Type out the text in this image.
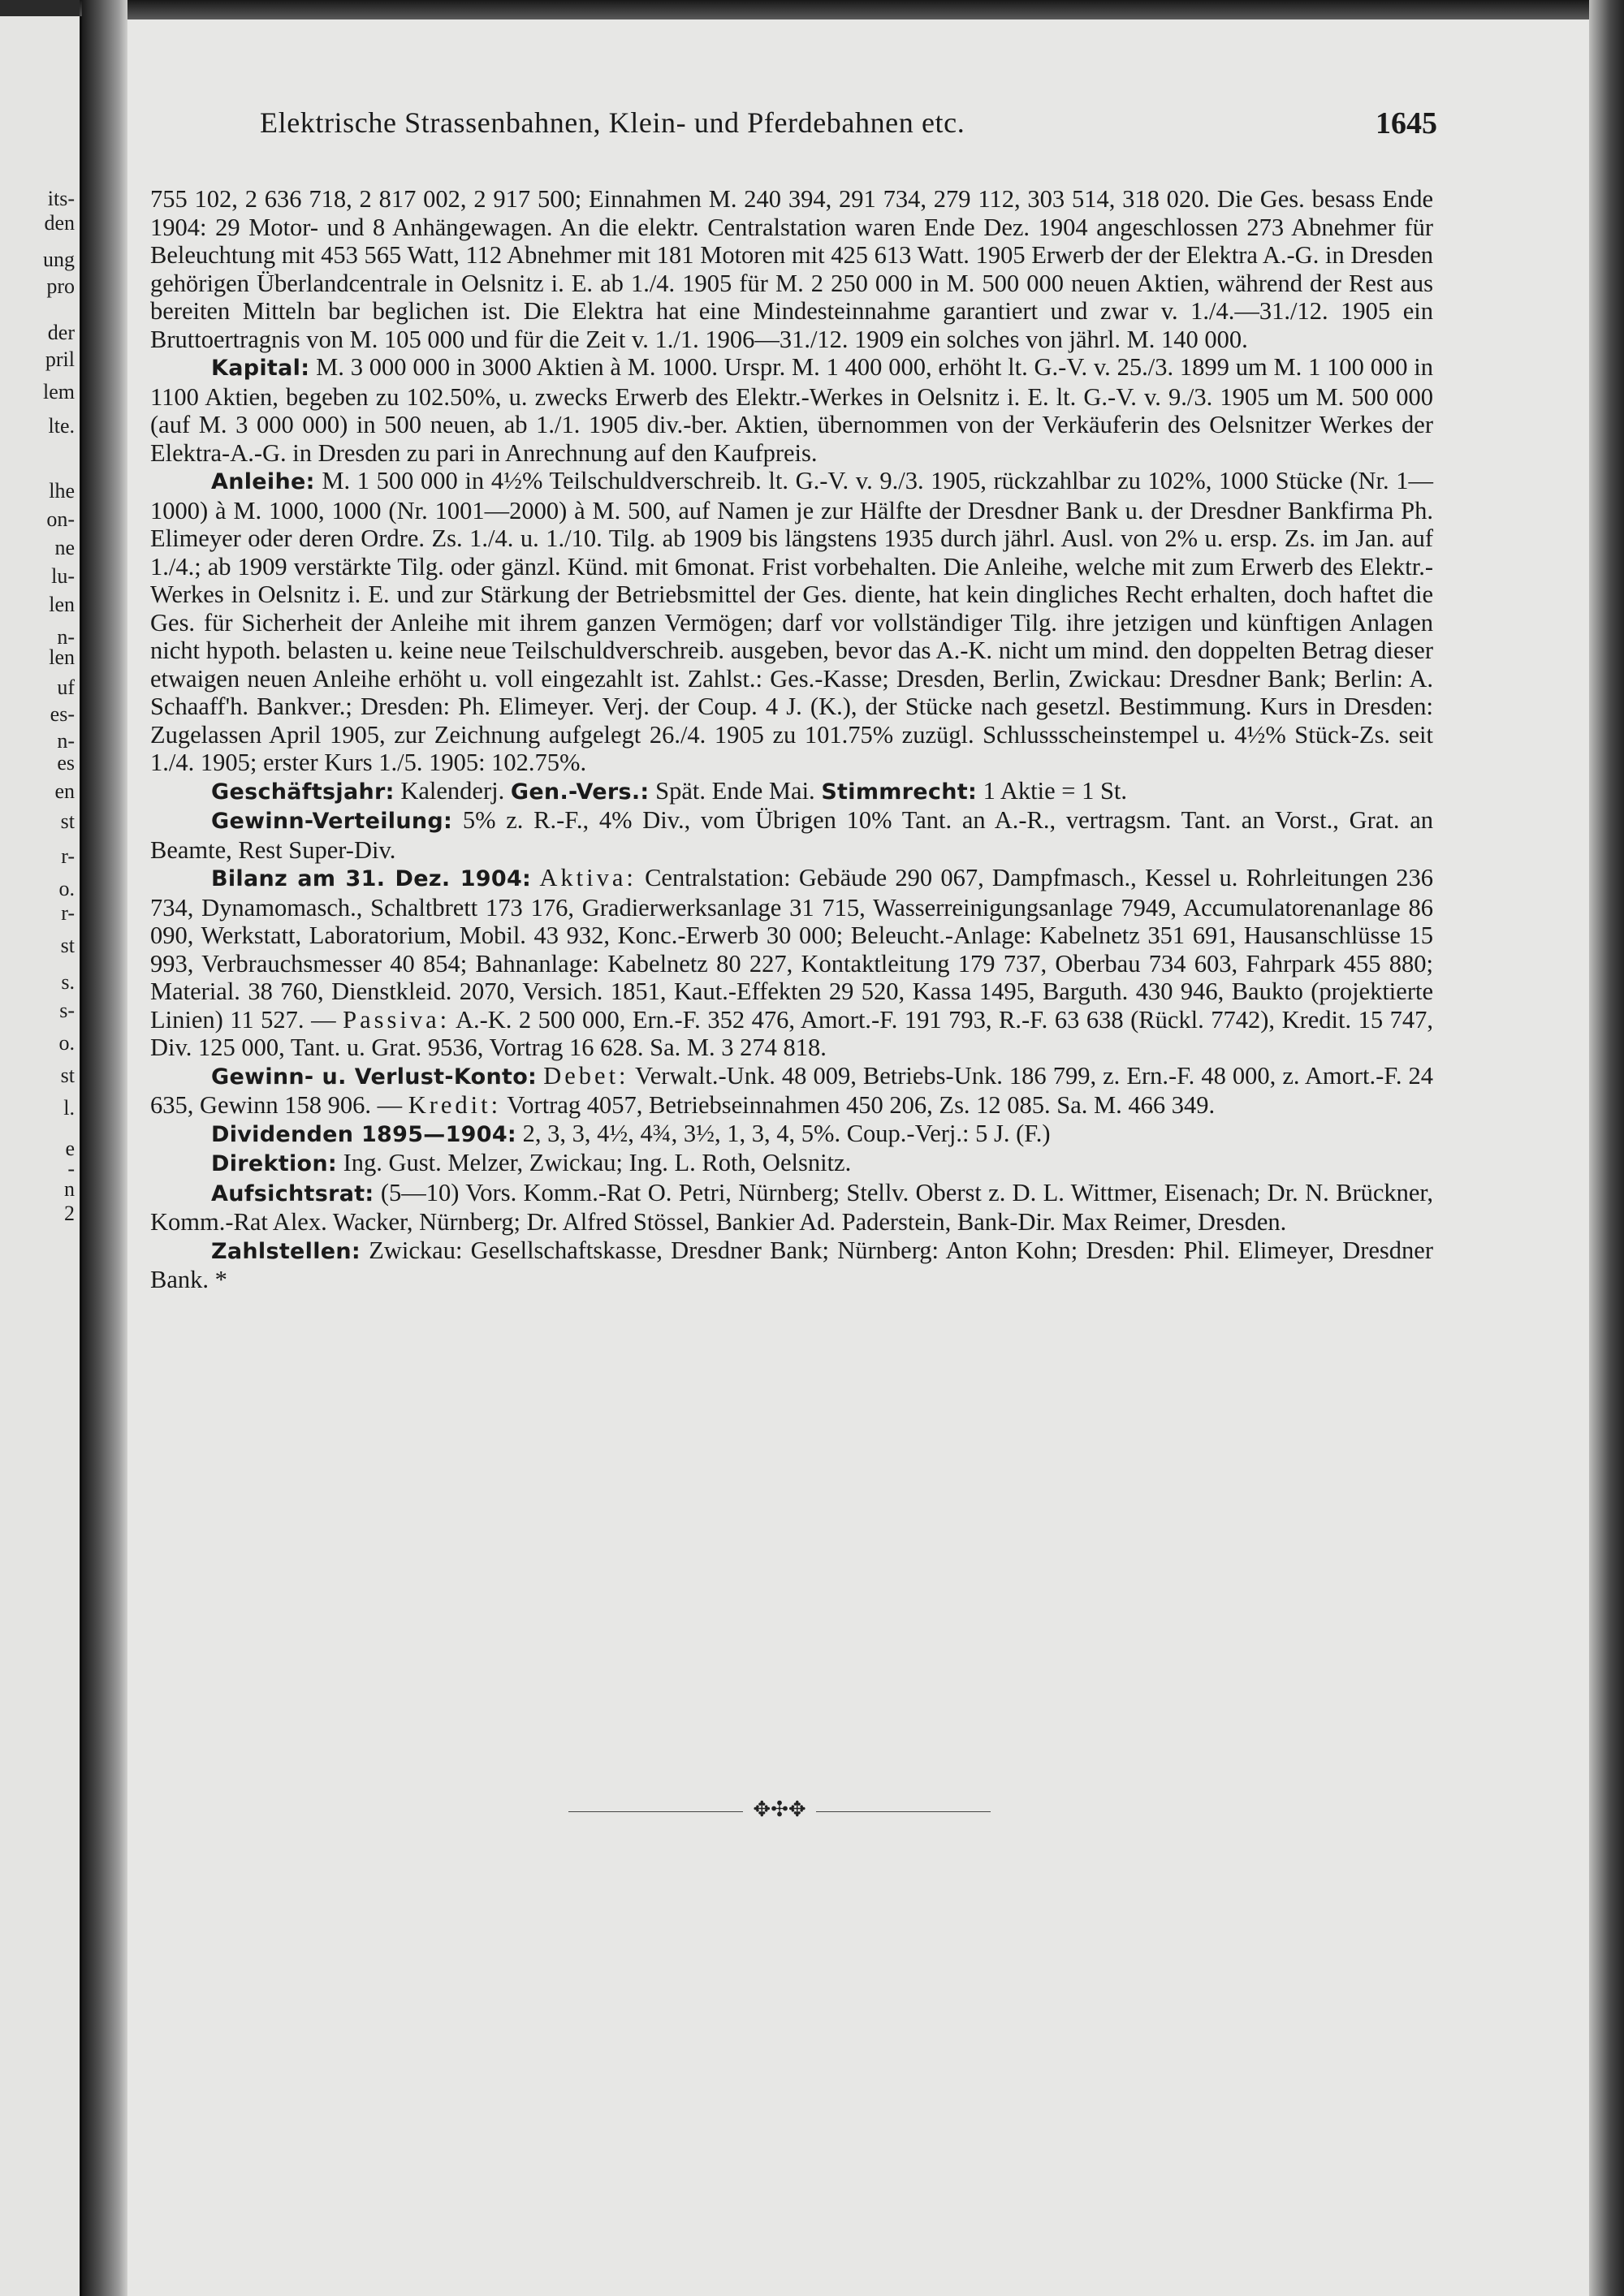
its-
den
ung
pro
der
pril
lem
lte.
lhe
on-
ne
lu-
len
n-
len
uf
es-
n-
es
en
st
r-
o.
r-
st
s.
s-
o.
st
l.
e
-
n
2
Elektrische Strassenbahnen, Klein- und Pferdebahnen etc.	1645

755 102, 2 636 718, 2 817 002, 2 917 500; Einnahmen M. 240 394, 291 734, 279 112, 303 514, 318 020. Die Ges. besass Ende 1904: 29 Motor- und 8 Anhängewagen. An die elektr. Centralstation waren Ende Dez. 1904 angeschlossen 273 Abnehmer für Beleuchtung mit 453 565 Watt, 112 Abnehmer mit 181 Motoren mit 425 613 Watt. 1905 Erwerb der der Elektra A.-G. in Dresden gehörigen Überlandcentrale in Oelsnitz i. E. ab 1./4. 1905 für M. 2 250 000 in M. 500 000 neuen Aktien, während der Rest aus bereiten Mitteln bar beglichen ist. Die Elektra hat eine Mindesteinnahme garantiert und zwar v. 1./4.—31./12. 1905 ein Bruttoertragnis von M. 105 000 und für die Zeit v. 1./1. 1906—31./12. 1909 ein solches von jährl. M. 140 000.

Kapital: M. 3 000 000 in 3000 Aktien à M. 1000. Urspr. M. 1 400 000, erhöht lt. G.-V. v. 25./3. 1899 um M. 1 100 000 in 1100 Aktien, begeben zu 102.50%, u. zwecks Erwerb des Elektr.-Werkes in Oelsnitz i. E. lt. G.-V. v. 9./3. 1905 um M. 500 000 (auf M. 3 000 000) in 500 neuen, ab 1./1. 1905 div.-ber. Aktien, übernommen von der Verkäuferin des Oelsnitzer Werkes der Elektra-A.-G. in Dresden zu pari in Anrechnung auf den Kaufpreis.

Anleihe: M. 1 500 000 in 4½% Teilschuldverschreib. lt. G.-V. v. 9./3. 1905, rückzahlbar zu 102%, 1000 Stücke (Nr. 1—1000) à M. 1000, 1000 (Nr. 1001—2000) à M. 500, auf Namen je zur Hälfte der Dresdner Bank u. der Dresdner Bankfirma Ph. Elimeyer oder deren Ordre. Zs. 1./4. u. 1./10. Tilg. ab 1909 bis längstens 1935 durch jährl. Ausl. von 2% u. ersp. Zs. im Jan. auf 1./4.; ab 1909 verstärkte Tilg. oder gänzl. Künd. mit 6monat. Frist vorbehalten. Die Anleihe, welche mit zum Erwerb des Elektr.-Werkes in Oelsnitz i. E. und zur Stärkung der Betriebsmittel der Ges. diente, hat kein dingliches Recht erhalten, doch haftet die Ges. für Sicherheit der Anleihe mit ihrem ganzen Vermögen; darf vor vollständiger Tilg. ihre jetzigen und künftigen Anlagen nicht hypoth. belasten u. keine neue Teilschuldverschreib. ausgeben, bevor das A.-K. nicht um mind. den doppelten Betrag dieser etwaigen neuen Anleihe erhöht u. voll eingezahlt ist. Zahlst.: Ges.-Kasse; Dresden, Berlin, Zwickau: Dresdner Bank; Berlin: A. Schaaff'h. Bankver.; Dresden: Ph. Elimeyer. Verj. der Coup. 4 J. (K.), der Stücke nach gesetzl. Bestimmung. Kurs in Dresden: Zugelassen April 1905, zur Zeichnung aufgelegt 26./4. 1905 zu 101.75% zuzügl. Schlussscheinstempel u. 4½% Stück-Zs. seit 1./4. 1905; erster Kurs 1./5. 1905: 102.75%.

Geschäftsjahr: Kalenderj. Gen.-Vers.: Spät. Ende Mai. Stimmrecht: 1 Aktie = 1 St.

Gewinn-Verteilung: 5% z. R.-F., 4% Div., vom Übrigen 10% Tant. an A.-R., vertragsm. Tant. an Vorst., Grat. an Beamte, Rest Super-Div.

Bilanz am 31. Dez. 1904: Aktiva: Centralstation: Gebäude 290 067, Dampfmasch., Kessel u. Rohrleitungen 236 734, Dynamomasch., Schaltbrett 173 176, Gradierwerksanlage 31 715, Wasserreinigungsanlage 7949, Accumulatorenanlage 86 090, Werkstatt, Laboratorium, Mobil. 43 932, Konc.-Erwerb 30 000; Beleucht.-Anlage: Kabelnetz 351 691, Hausanschlüsse 15 993, Verbrauchsmesser 40 854; Bahnanlage: Kabelnetz 80 227, Kontaktleitung 179 737, Oberbau 734 603, Fahrpark 455 880; Material. 38 760, Dienstkleid. 2070, Versich. 1851, Kaut.-Effekten 29 520, Kassa 1495, Barguth. 430 946, Baukto (projektierte Linien) 11 527. — Passiva: A.-K. 2 500 000, Ern.-F. 352 476, Amort.-F. 191 793, R.-F. 63 638 (Rückl. 7742), Kredit. 15 747, Div. 125 000, Tant. u. Grat. 9536, Vortrag 16 628. Sa. M. 3 274 818.

Gewinn- u. Verlust-Konto: Debet: Verwalt.-Unk. 48 009, Betriebs-Unk. 186 799, z. Ern.-F. 48 000, z. Amort.-F. 24 635, Gewinn 158 906. — Kredit: Vortrag 4057, Betriebseinnahmen 450 206, Zs. 12 085. Sa. M. 466 349.

Dividenden 1895—1904: 2, 3, 3, 4½, 4¾, 3½, 1, 3, 4, 5%. Coup.-Verj.: 5 J. (F.)

Direktion: Ing. Gust. Melzer, Zwickau; Ing. L. Roth, Oelsnitz.

Aufsichtsrat: (5—10) Vors. Komm.-Rat O. Petri, Nürnberg; Stellv. Oberst z. D. L. Wittmer, Eisenach; Dr. N. Brückner, Komm.-Rat Alex. Wacker, Nürnberg; Dr. Alfred Stössel, Bankier Ad. Paderstein, Bank-Dir. Max Reimer, Dresden.

Zahlstellen: Zwickau: Gesellschaftskasse, Dresdner Bank; Nürnberg: Anton Kohn; Dresden: Phil. Elimeyer, Dresdner Bank. *

✥✣✥
